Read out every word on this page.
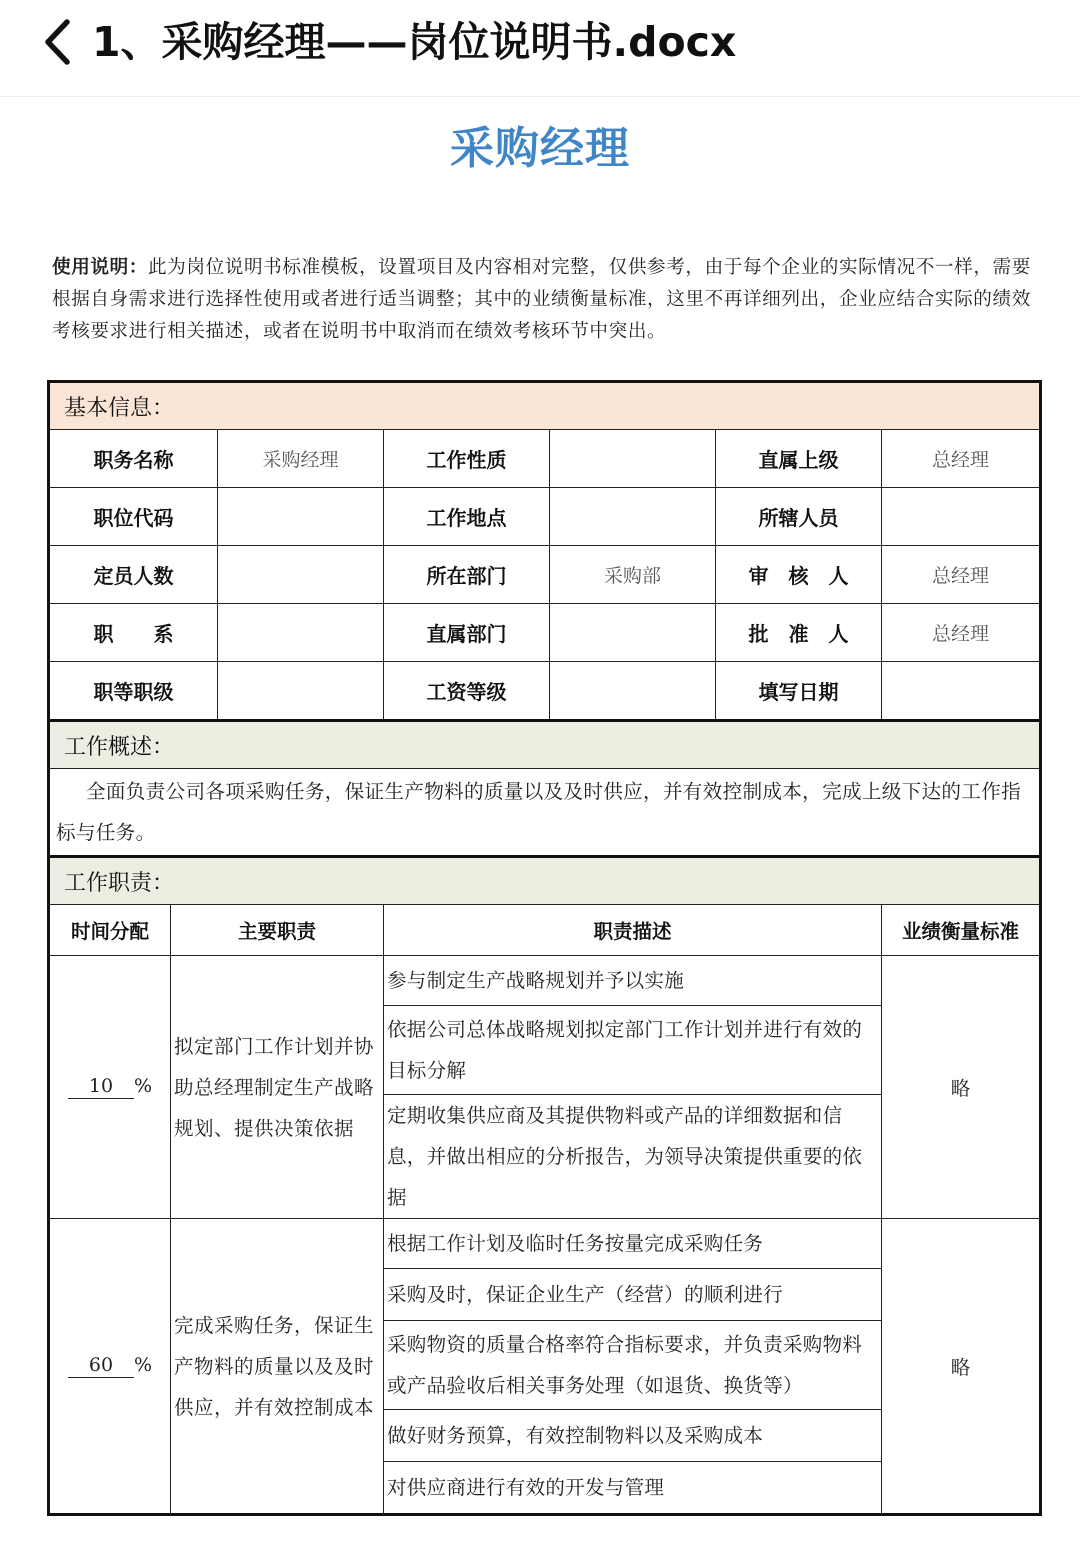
1、采购经理——岗位说明书.docx
采购经理
使用说明：此为岗位说明书标准模板，设置项目及内容相对完整，仅供参考，由于每个企业的实际情况不一样，需要根据自身需求进行选择性使用或者进行适当调整；其中的业绩衡量标准，这里不再详细列出，企业应结合实际的绩效考核要求进行相关描述，或者在说明书中取消而在绩效考核环节中突出。
基本信息：						
职务名称		采购经理	工作性质		直属上级	总经理
职位代码			工作地点		所辖人员	
定员人数			所在部门	采购部	审　核　人	总经理
职　　系			直属部门		批　准　人	总经理
职等职级			工资等级		填写日期	
工作概述：						
全面负责公司各项采购任务，保证生产物料的质量以及及时供应，并有效控制成本，完成上级下达的工作指标与任务。						
工作职责：						
时间分配	主要职责		职责描述			业绩衡量标准
10 %	拟定部门工作计划并协助总经理制定生产战略规划、提供决策依据		参与制定生产战略规划并予以实施			略
			依据公司总体战略规划拟定部门工作计划并进行有效的目标分解			
			定期收集供应商及其提供物料或产品的详细数据和信息，并做出相应的分析报告，为领导决策提供重要的依据			
60 %	完成采购任务，保证生产物料的质量以及及时供应，并有效控制成本		根据工作计划及临时任务按量完成采购任务			略
			采购及时，保证企业生产（经营）的顺利进行			
			采购物资的质量合格率符合指标要求，并负责采购物料或产品验收后相关事务处理（如退货、换货等）			
			做好财务预算，有效控制物料以及采购成本			
			对供应商进行有效的开发与管理			
